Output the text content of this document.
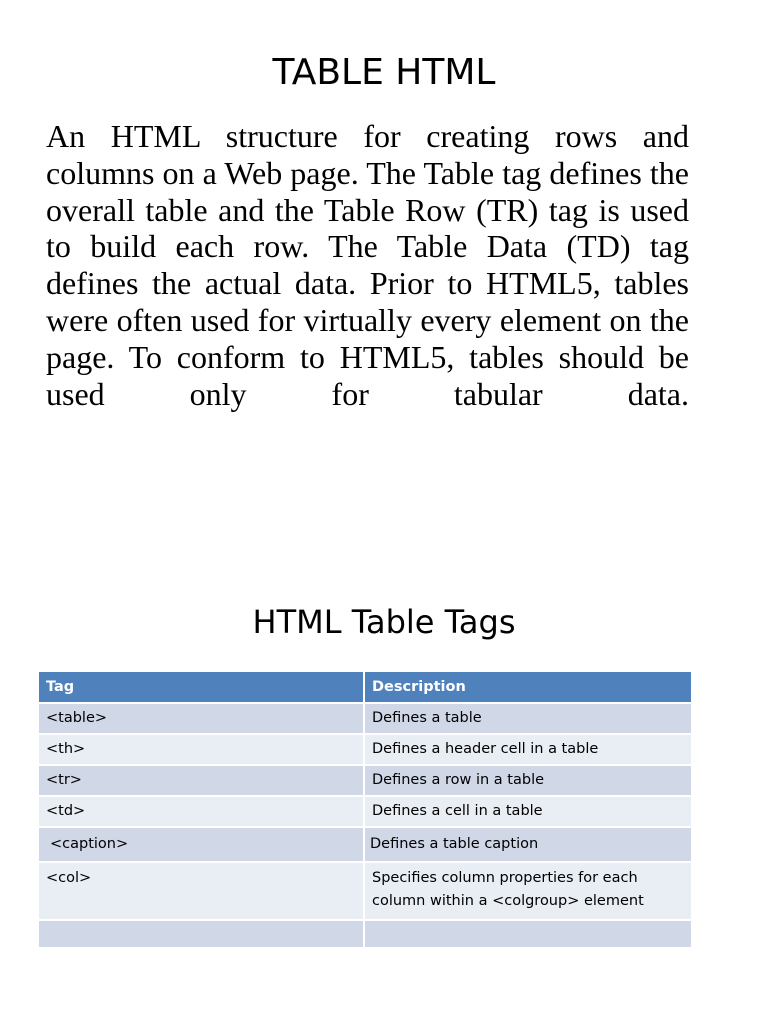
TABLE HTML

An HTML structure for creating rows and columns on a Web page. The Table tag defines the overall table and the Table Row (TR) tag is used to build each row. The Table Data (TD) tag defines the actual data. Prior to HTML5, tables were often used for virtually every element on the page. To conform to HTML5, tables should be used only for tabular data.

HTML Table Tags
Tag	Description
<table>	Defines a table
<th>	Defines a header cell in a table
<tr>	Defines a row in a table
<td>	Defines a cell in a table
<caption>	Defines a table caption
<col>	Specifies column properties for each column within a <colgroup> element
